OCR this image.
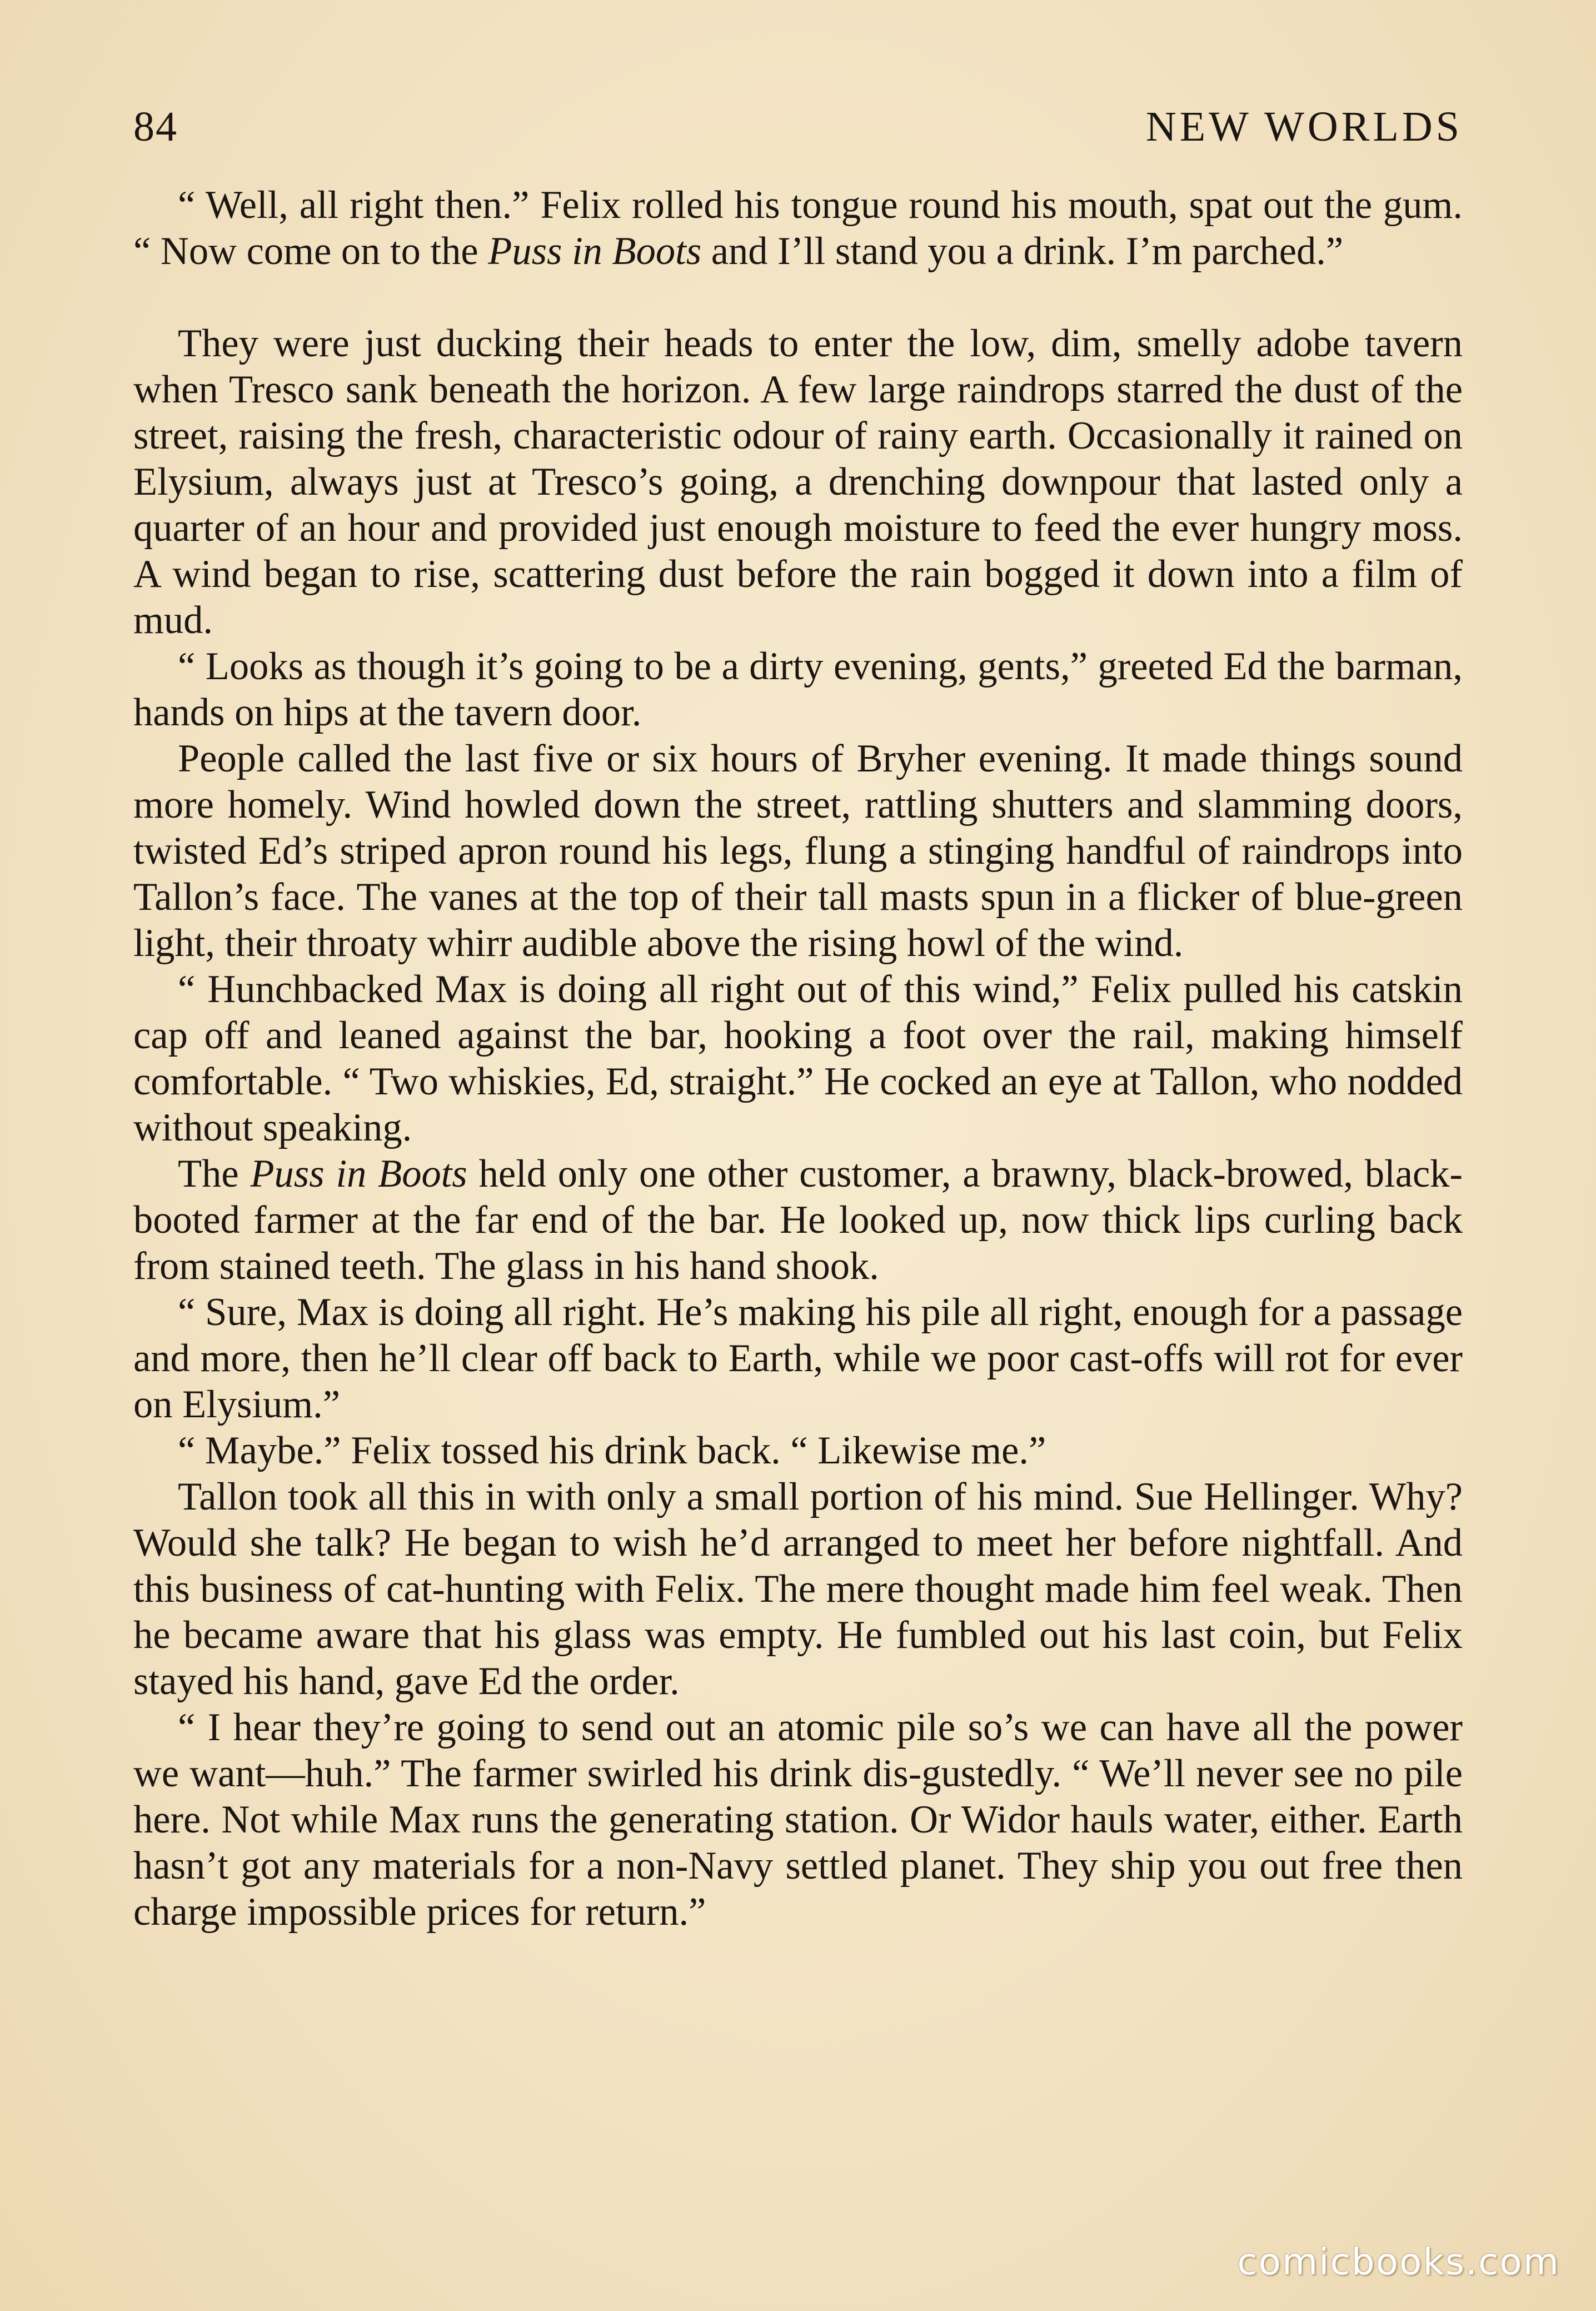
84	NEW WORLDS

“ Well, all right then.” Felix rolled his tongue round his mouth, spat out the gum. “ Now come on to the Puss in Boots and I’ll stand you a drink. I’m parched.”

They were just ducking their heads to enter the low, dim, smelly adobe tavern when Tresco sank beneath the horizon. A few large raindrops starred the dust of the street, raising the fresh, characteristic odour of rainy earth. Occasionally it rained on Elysium, always just at Tresco’s going, a drenching downpour that lasted only a quarter of an hour and provided just enough moisture to feed the ever hungry moss. A wind began to rise, scattering dust before the rain bogged it down into a film of mud.

“ Looks as though it’s going to be a dirty evening, gents,” greeted Ed the barman, hands on hips at the tavern door.

People called the last five or six hours of Bryher evening. It made things sound more homely. Wind howled down the street, rattling shutters and slamming doors, twisted Ed’s striped apron round his legs, flung a stinging handful of raindrops into Tallon’s face. The vanes at the top of their tall masts spun in a flicker of blue-green light, their throaty whirr audible above the rising howl of the wind.

“ Hunchbacked Max is doing all right out of this wind,” Felix pulled his catskin cap off and leaned against the bar, hooking a foot over the rail, making himself comfortable. “ Two whiskies, Ed, straight.” He cocked an eye at Tallon, who nodded without speaking.

The Puss in Boots held only one other customer, a brawny, black-browed, black-booted farmer at the far end of the bar. He looked up, now thick lips curling back from stained teeth. The glass in his hand shook.

“ Sure, Max is doing all right. He’s making his pile all right, enough for a passage and more, then he’ll clear off back to Earth, while we poor cast-offs will rot for ever on Elysium.”

“ Maybe.” Felix tossed his drink back. “ Likewise me.”

Tallon took all this in with only a small portion of his mind. Sue Hellinger. Why? Would she talk? He began to wish he’d arranged to meet her before nightfall. And this business of cat-hunting with Felix. The mere thought made him feel weak. Then he became aware that his glass was empty. He fumbled out his last coin, but Felix stayed his hand, gave Ed the order.

“ I hear they’re going to send out an atomic pile so’s we can have all the power we want—huh.” The farmer swirled his drink dis-gustedly. “ We’ll never see no pile here. Not while Max runs the generating station. Or Widor hauls water, either. Earth hasn’t got any materials for a non-Navy settled planet. They ship you out free then charge impossible prices for return.”

comicbooks.com
